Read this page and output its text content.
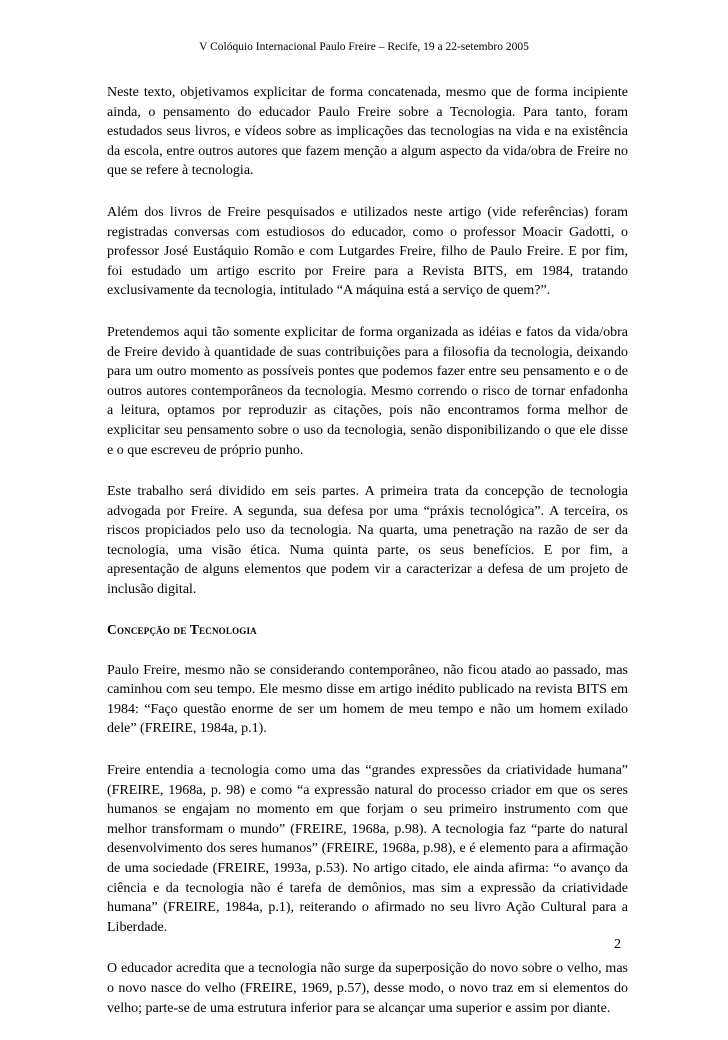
V Colóquio Internacional Paulo Freire – Recife, 19 a 22-setembro 2005

Neste texto, objetivamos explicitar de forma concatenada, mesmo que de forma incipiente ainda, o pensamento do educador Paulo Freire sobre a Tecnologia. Para tanto, foram estudados seus livros, e vídeos sobre as implicações das tecnologias na vida e na existência da escola, entre outros autores que fazem menção a algum aspecto da vida/obra de Freire no que se refere à tecnologia.

Além dos livros de Freire pesquisados e utilizados neste artigo (vide referências) foram registradas conversas com estudiosos do educador, como o professor Moacir Gadotti, o professor José Eustáquio Romão e com Lutgardes Freire, filho de Paulo Freire. E por fim, foi estudado um artigo escrito por Freire para a Revista BITS, em 1984, tratando exclusivamente da tecnologia, intitulado “A máquina está a serviço de quem?”.

Pretendemos aqui tão somente explicitar de forma organizada as idéias e fatos da vida/obra de Freire devido à quantidade de suas contribuições para a filosofia da tecnologia, deixando para um outro momento as possíveis pontes que podemos fazer entre seu pensamento e o de outros autores contemporâneos da tecnologia. Mesmo correndo o risco de tornar enfadonha a leitura, optamos por reproduzir as citações, pois não encontramos forma melhor de explicitar seu pensamento sobre o uso da tecnologia, senão disponibilizando o que ele disse e o que escreveu de próprio punho.

Este trabalho será dividido em seis partes. A primeira trata da concepção de tecnologia advogada por Freire. A segunda, sua defesa por uma “práxis tecnológica”. A terceira, os riscos propiciados pelo uso da tecnologia. Na quarta, uma penetração na razão de ser da tecnologia, uma visão ética. Numa quinta parte, os seus benefícios. E por fim, a apresentação de alguns elementos que podem vir a caracterizar a defesa de um projeto de inclusão digital.

Concepção de Tecnologia

Paulo Freire, mesmo não se considerando contemporâneo, não ficou atado ao passado, mas caminhou com seu tempo. Ele mesmo disse em artigo inédito publicado na revista BITS em 1984: “Faço questão enorme de ser um homem de meu tempo e não um homem exilado dele” (FREIRE, 1984a, p.1).

Freire entendia a tecnologia como uma das “grandes expressões da criatividade humana” (FREIRE, 1968a, p. 98) e como “a expressão natural do processo criador em que os seres humanos se engajam no momento em que forjam o seu primeiro instrumento com que melhor transformam o mundo” (FREIRE, 1968a, p.98). A tecnologia faz “parte do natural desenvolvimento dos seres humanos” (FREIRE, 1968a, p.98), e é elemento para a afirmação de uma sociedade (FREIRE, 1993a, p.53). No artigo citado, ele ainda afirma: “o avanço da ciência e da tecnologia não é tarefa de demônios, mas sim a expressão da criatividade humana” (FREIRE, 1984a, p.1), reiterando o afirmado no seu livro Ação Cultural para a Liberdade.

O educador acredita que a tecnologia não surge da superposição do novo sobre o velho, mas o novo nasce do velho (FREIRE, 1969, p.57), desse modo, o novo traz em si elementos do velho; parte-se de uma estrutura inferior para se alcançar uma superior e assim por diante.

2
